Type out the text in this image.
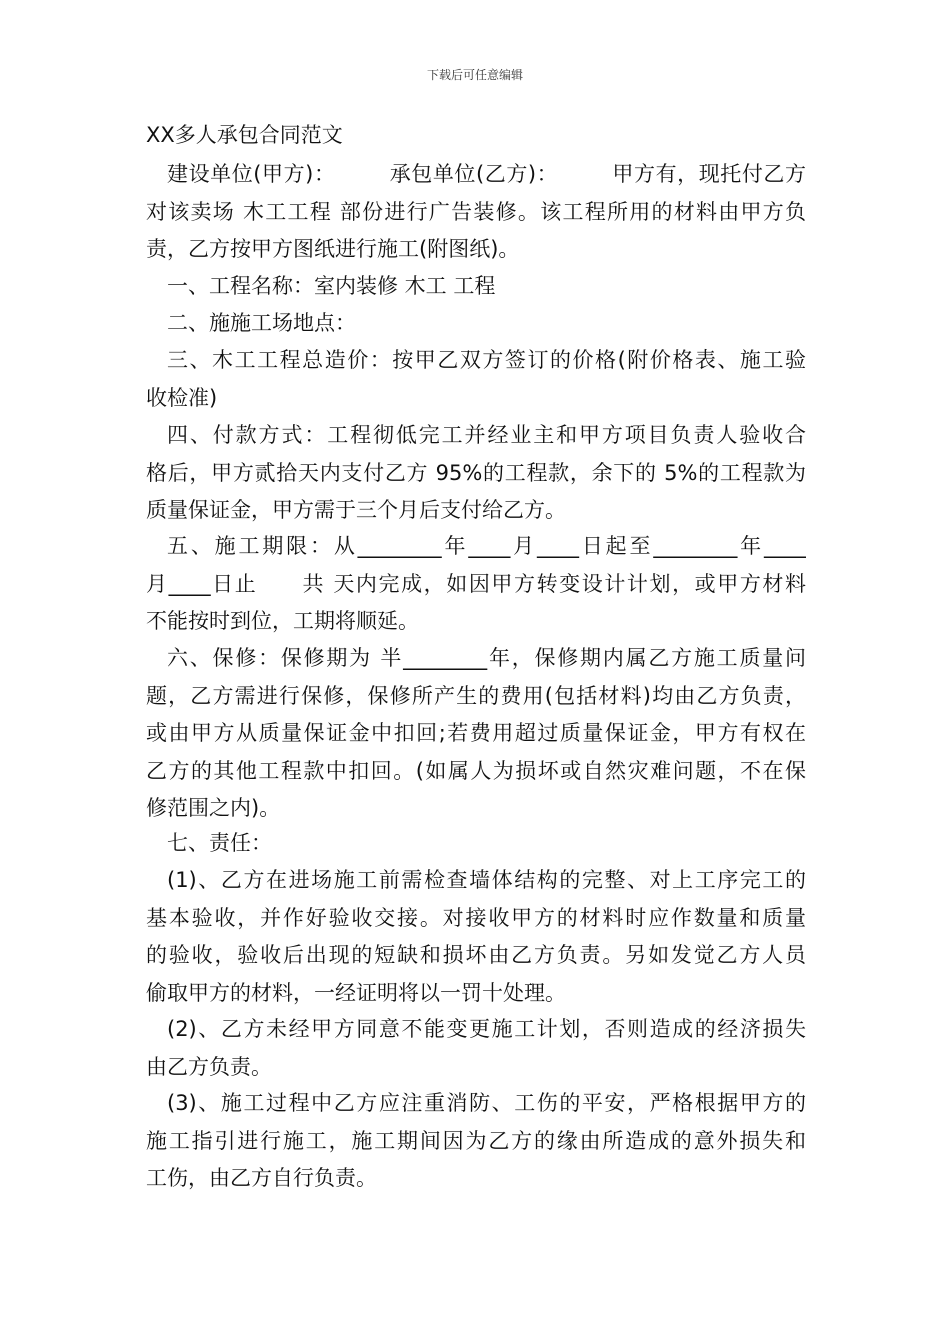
下载后可任意编辑
XX多人承包合同范文
建设单位(甲方)：　　　承包单位(乙方)：　　　甲方有，现托付乙方
对该卖场 木工工程 部份进行广告装修。该工程所用的材料由甲方负
责，乙方按甲方图纸进行施工(附图纸)。
一、工程名称：室内装修 木工 工程
二、施施工场地点：
三、木工工程总造价：按甲乙双方签订的价格(附价格表、施工验
收检准)
四、付款方式：工程彻低完工并经业主和甲方项目负责人验收合
格后，甲方贰拾天内支付乙方 95%的工程款，余下的 5%的工程款为
质量保证金，甲方需于三个月后支付给乙方。
五、施工期限：从________年____月____日起至________年____
月____日止　　共 天内完成，如因甲方转变设计计划，或甲方材料
不能按时到位，工期将顺延。
六、保修：保修期为 半________年，保修期内属乙方施工质量问
题，乙方需进行保修，保修所产生的费用(包括材料)均由乙方负责，
或由甲方从质量保证金中扣回;若费用超过质量保证金，甲方有权在
乙方的其他工程款中扣回。(如属人为损坏或自然灾难问题，不在保
修范围之内)。
七、责任：
(1)、乙方在进场施工前需检查墙体结构的完整、对上工序完工的
基本验收，并作好验收交接。对接收甲方的材料时应作数量和质量
的验收，验收后出现的短缺和损坏由乙方负责。另如发觉乙方人员
偷取甲方的材料，一经证明将以一罚十处理。
(2)、乙方未经甲方同意不能变更施工计划，否则造成的经济损失
由乙方负责。
(3)、施工过程中乙方应注重消防、工伤的平安，严格根据甲方的
施工指引进行施工，施工期间因为乙方的缘由所造成的意外损失和
工伤，由乙方自行负责。
